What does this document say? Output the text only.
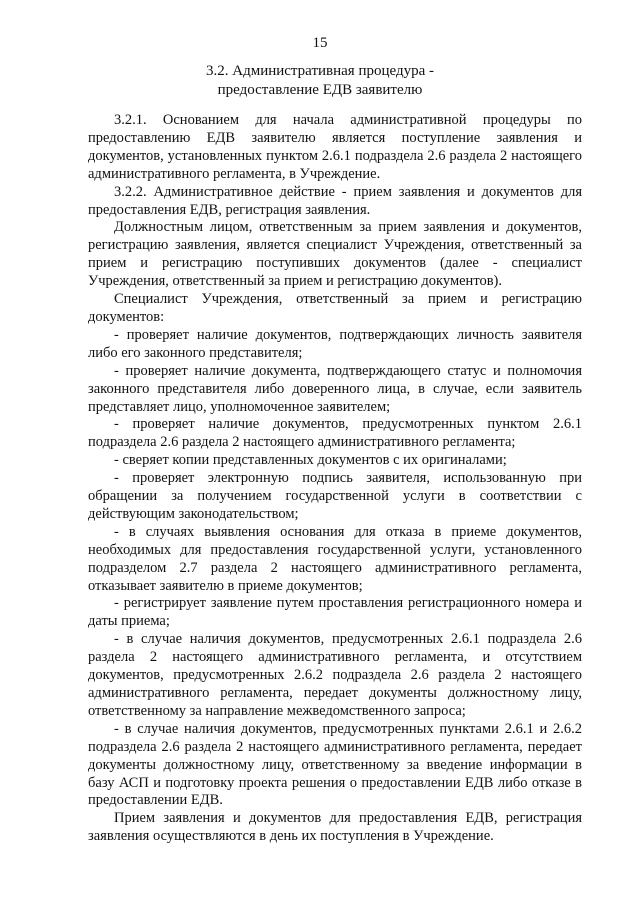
15
3.2. Административная процедура -
предоставление ЕДВ заявителю

3.2.1. Основанием для начала административной процедуры по предоставлению ЕДВ заявителю является поступление заявления и документов, установленных пунктом 2.6.1 подраздела 2.6 раздела 2 настоящего административного регламента, в Учреждение.

3.2.2. Административное действие - прием заявления и документов для предоставления ЕДВ, регистрация заявления.

Должностным лицом, ответственным за прием заявления и документов, регистрацию заявления, является специалист Учреждения, ответственный за прием и регистрацию поступивших документов (далее - специалист Учреждения, ответственный за прием и регистрацию документов).

Специалист Учреждения, ответственный за прием и регистрацию документов:

- проверяет наличие документов, подтверждающих личность заявителя либо его законного представителя;

- проверяет наличие документа, подтверждающего статус и полномочия законного представителя либо доверенного лица, в случае, если заявитель представляет лицо, уполномоченное заявителем;

- проверяет наличие документов, предусмотренных пунктом 2.6.1 подраздела 2.6 раздела 2 настоящего административного регламента;

- сверяет копии представленных документов с их оригиналами;

- проверяет электронную подпись заявителя, использованную при обращении за получением государственной услуги в соответствии с действующим законодательством;

- в случаях выявления основания для отказа в приеме документов, необходимых для предоставления государственной услуги, установленного подразделом 2.7 раздела 2 настоящего административного регламента, отказывает заявителю в приеме документов;

- регистрирует заявление путем проставления регистрационного номера и даты приема;

- в случае наличия документов, предусмотренных 2.6.1 подраздела 2.6 раздела 2 настоящего административного регламента, и отсутствием документов, предусмотренных 2.6.2 подраздела 2.6 раздела 2 настоящего административного регламента, передает документы должностному лицу, ответственному за направление межведомственного запроса;

- в случае наличия документов, предусмотренных пунктами 2.6.1 и 2.6.2 подраздела 2.6 раздела 2 настоящего административного регламента, передает документы должностному лицу, ответственному за введение информации в базу АСП и подготовку проекта решения о предоставлении ЕДВ либо отказе в предоставлении ЕДВ.

Прием заявления и документов для предоставления ЕДВ, регистрация заявления осуществляются в день их поступления в Учреждение.
